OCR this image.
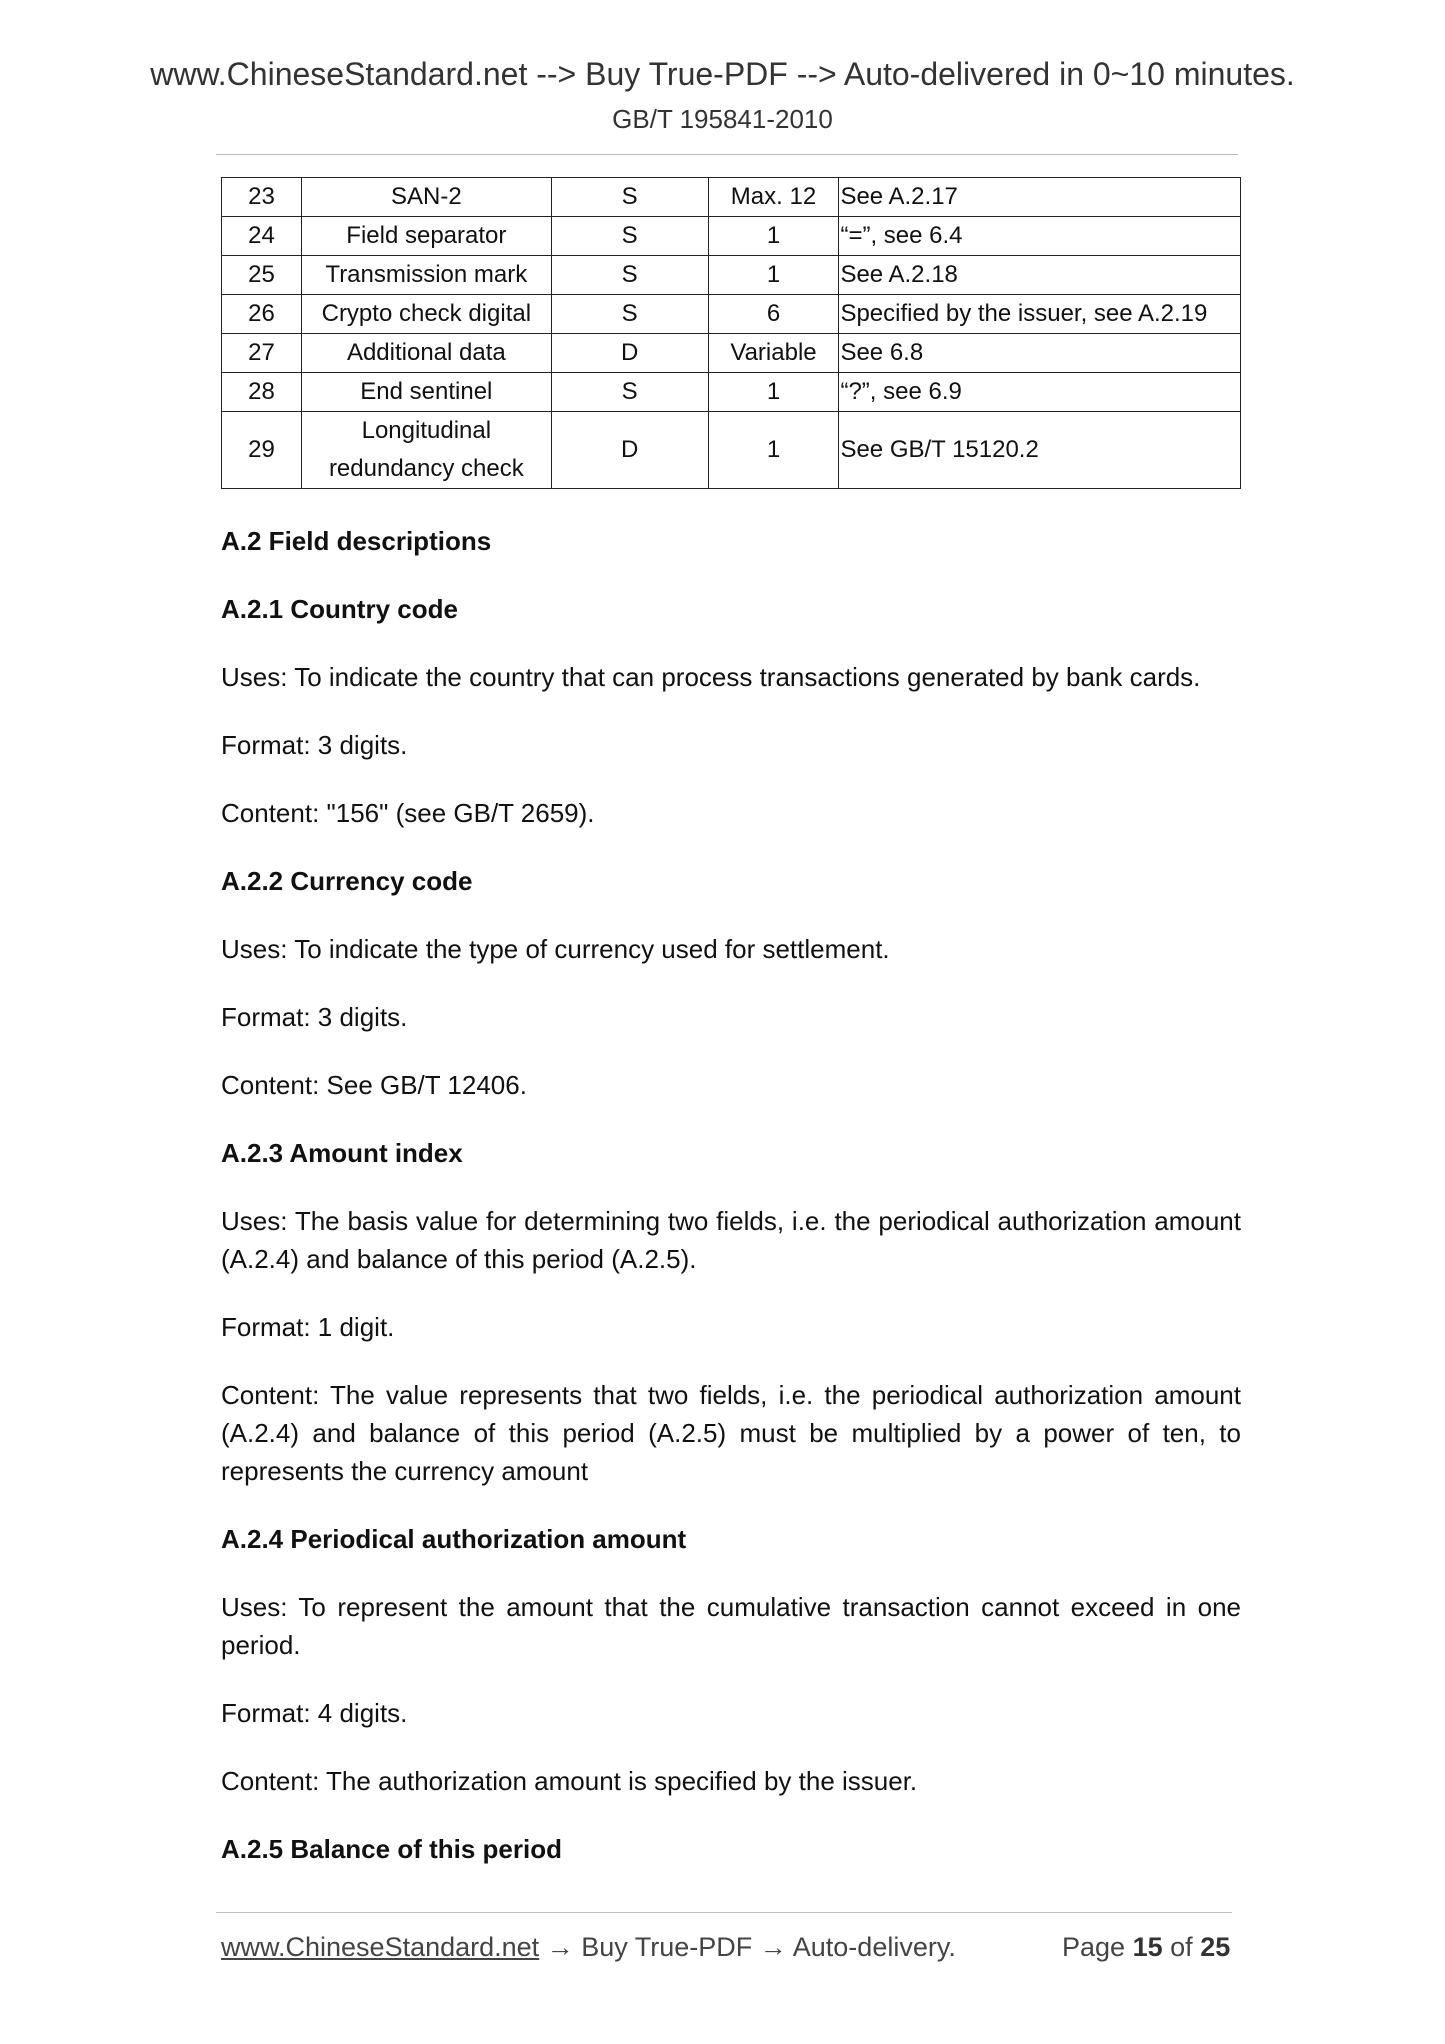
www.ChineseStandard.net --> Buy True-PDF --> Auto-delivered in 0~10 minutes.
GB/T 195841-2010
23	SAN-2	S	Max. 12	See A.2.17
24	Field separator	S	1	“=”, see 6.4
25	Transmission mark	S	1	See A.2.18
26	Crypto check digital	S	6	Specified by the issuer, see A.2.19
27	Additional data	D	Variable	See 6.8
28	End sentinel	S	1	“?”, see 6.9
29	Longitudinal
redundancy check	D	1	See GB/T 15120.2

A.2 Field descriptions

A.2.1 Country code

Uses: To indicate the country that can process transactions generated by bank cards.

Format: 3 digits.

Content: "156" (see GB/T 2659).

A.2.2 Currency code

Uses: To indicate the type of currency used for settlement.

Format: 3 digits.

Content: See GB/T 12406.

A.2.3 Amount index

Uses: The basis value for determining two fields, i.e. the periodical authorization amount (A.2.4) and balance of this period (A.2.5).

Format: 1 digit.

Content: The value represents that two fields, i.e. the periodical authorization amount (A.2.4) and balance of this period (A.2.5) must be multiplied by a power of ten, to represents the currency amount

A.2.4 Periodical authorization amount

Uses: To represent the amount that the cumulative transaction cannot exceed in one period.

Format: 4 digits.

Content: The authorization amount is specified by the issuer.

A.2.5 Balance of this period

www.ChineseStandard.net → Buy True-PDF → Auto-delivery.	Page 15 of 25
